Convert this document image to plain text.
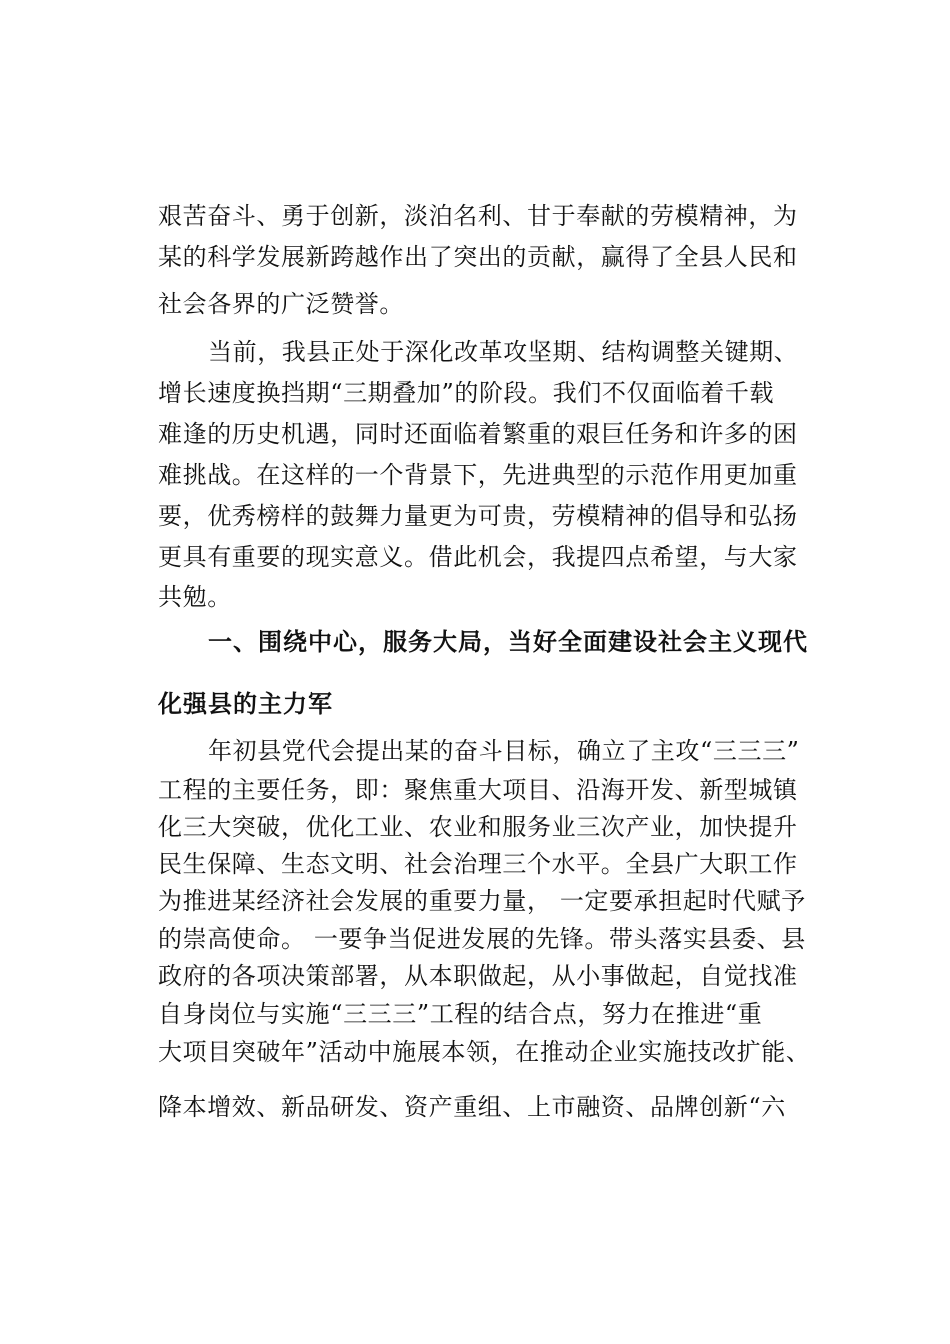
艰苦奋斗、勇于创新，淡泊名利、甘于奉献的劳模精神，为
某的科学发展新跨越作出了突出的贡献，赢得了全县人民和
社会各界的广泛赞誉。
当前，我县正处于深化改革攻坚期、结构调整关键期、
增长速度换挡期“三期叠加”的阶段。我们不仅面临着千载
难逢的历史机遇，同时还面临着繁重的艰巨任务和许多的困
难挑战。在这样的一个背景下，先进典型的示范作用更加重
要，优秀榜样的鼓舞力量更为可贵，劳模精神的倡导和弘扬
更具有重要的现实意义。借此机会，我提四点希望，与大家
共勉。
一、围绕中心，服务大局，当好全面建设社会主义现代
化强县的主力军
年初县党代会提出某的奋斗目标，确立了主攻“三三三”
工程的主要任务，即：聚焦重大项目、沿海开发、新型城镇
化三大突破，优化工业、农业和服务业三次产业，加快提升
民生保障、生态文明、社会治理三个水平。全县广大职工作
为推进某经济社会发展的重要力量， 一定要承担起时代赋予
的崇高使命。 一要争当促进发展的先锋。带头落实县委、县
政府的各项决策部署，从本职做起，从小事做起，自觉找准
自身岗位与实施“三三三”工程的结合点，努力在推进“重
大项目突破年”活动中施展本领，在推动企业实施技改扩能、
降本增效、新品研发、资产重组、上市融资、品牌创新“六
